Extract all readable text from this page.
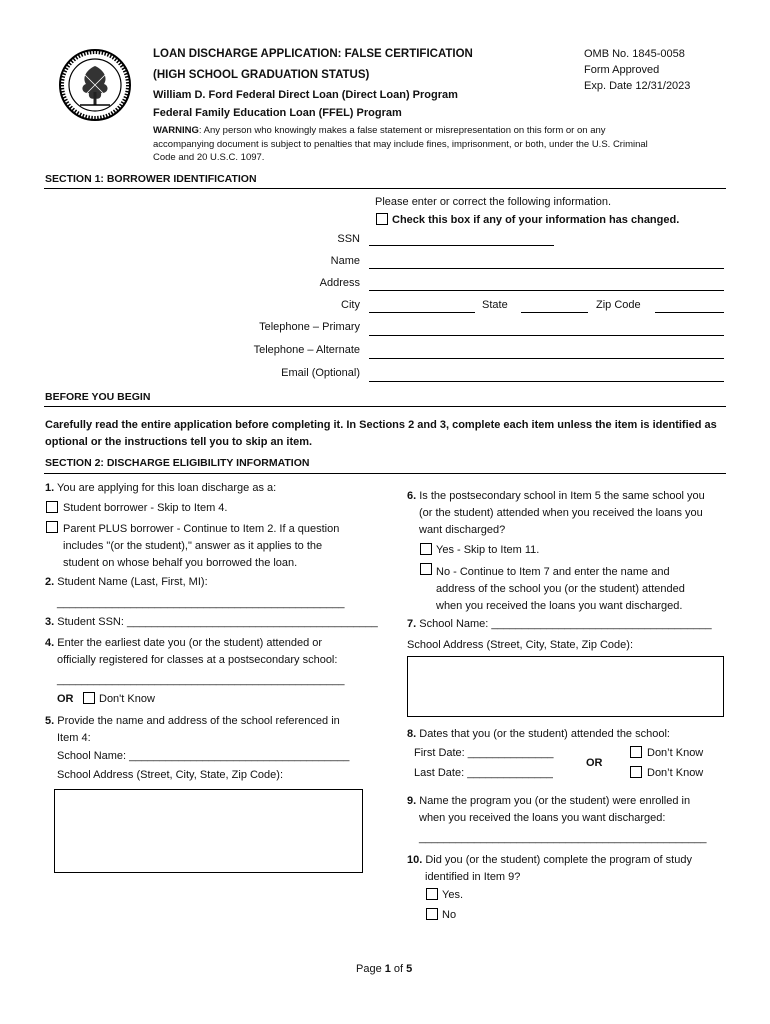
LOAN DISCHARGE APPLICATION: FALSE CERTIFICATION
(HIGH SCHOOL GRADUATION STATUS)
William D. Ford Federal Direct Loan (Direct Loan) Program
Federal Family Education Loan (FFEL) Program
OMB No. 1845-0058
Form Approved
Exp. Date 12/31/2023
WARNING: Any person who knowingly makes a false statement or misrepresentation on this form or on any
accompanying document is subject to penalties that may include fines, imprisonment, or both, under the U.S. Criminal
Code and 20 U.S.C. 1097.
SECTION 1: BORROWER IDENTIFICATION
Please enter or correct the following information.
Check this box if any of your information has changed.
SSN
Name
Address
City	State	Zip Code
Telephone – Primary
Telephone – Alternate
Email (Optional)
BEFORE YOU BEGIN
Carefully read the entire application before completing it. In Sections 2 and 3, complete each item unless the item is identified as
optional or the instructions tell you to skip an item.
SECTION 2: DISCHARGE ELIGIBILITY INFORMATION
1. You are applying for this loan discharge as a:
Student borrower - Skip to Item 4.
Parent PLUS borrower - Continue to Item 2. If a question
includes "(or the student)," answer as it applies to the
student on whose behalf you borrowed the loan.
2. Student Name (Last, First, MI):
_______________________________________________
3. Student SSN: _________________________________________
4. Enter the earliest date you (or the student) attended or
officially registered for classes at a postsecondary school:
_______________________________________________
OR Don't Know
5. Provide the name and address of the school referenced in
Item 4:
School Name: ____________________________________
School Address (Street, City, State, Zip Code):
6. Is the postsecondary school in Item 5 the same school you
(or the student) attended when you received the loans you
want discharged?
Yes - Skip to Item 11.
No - Continue to Item 7 and enter the name and
address of the school you (or the student) attended
when you received the loans you want discharged.
7. School Name: ____________________________________
School Address (Street, City, State, Zip Code):
8. Dates that you (or the student) attended the school:
First Date: ______________
Last Date: ______________
OR
Don’t Know
Don’t Know
9. Name the program you (or the student) were enrolled in
when you received the loans you want discharged:
_______________________________________________
10. Did you (or the student) complete the program of study
identified in Item 9?
Yes.
No
Page 1 of 5
